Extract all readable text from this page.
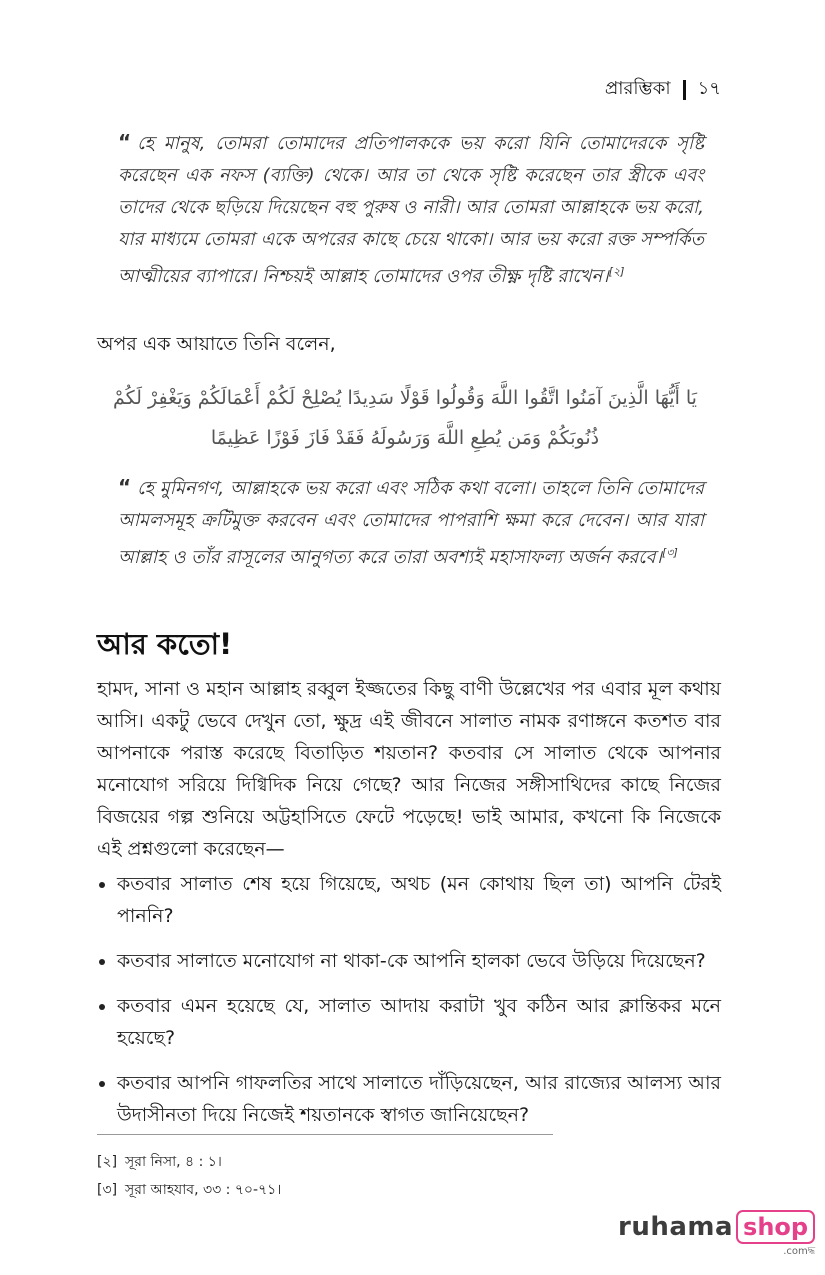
প্রারম্ভিকা ১৭
“ হে মানুষ, তোমরা তোমাদের প্রতিপালককে ভয় করো যিনি তোমাদেরকে সৃষ্টি করেছেন এক নফস (ব্যক্তি) থেকে। আর তা থেকে সৃষ্টি করেছেন তার স্ত্রীকে এবং তাদের থেকে ছড়িয়ে দিয়েছেন বহু পুরুষ ও নারী। আর তোমরা আল্লাহকে ভয় করো, যার মাধ্যমে তোমরা একে অপরের কাছে চেয়ে থাকো। আর ভয় করো রক্ত সম্পর্কিত আত্মীয়ের ব্যাপারে। নিশ্চয়ই আল্লাহ তোমাদের ওপর তীক্ষ্ণ দৃষ্টি রাখেন।[২]
অপর এক আয়াতে তিনি বলেন,
يَا أَيُّهَا الَّذِينَ آمَنُوا اتَّقُوا اللَّهَ وَقُولُوا قَوْلًا سَدِيدًا يُصْلِحْ لَكُمْ أَعْمَالَكُمْ وَيَغْفِرْ لَكُمْ
ذُنُوبَكُمْ وَمَن يُطِعِ اللَّهَ وَرَسُولَهُ فَقَدْ فَازَ فَوْزًا عَظِيمًا
“ হে মুমিনগণ, আল্লাহকে ভয় করো এবং সঠিক কথা বলো। তাহলে তিনি তোমাদের আমলসমূহ ক্রটিমুক্ত করবেন এবং তোমাদের পাপরাশি ক্ষমা করে দেবেন। আর যারা আল্লাহ ও তাঁর রাসূলের আনুগত্য করে তারা অবশ্যই মহাসাফল্য অর্জন করবে।[৩]
আর কতো!
হামদ, সানা ও মহান আল্লাহ রব্বুল ইজ্জতের কিছু বাণী উল্লেখের পর এবার মূল কথায় আসি। একটু ভেবে দেখুন তো, ক্ষুদ্র এই জীবনে সালাত নামক রণাঙ্গনে কতশত বার আপনাকে পরাস্ত করেছে বিতাড়িত শয়তান? কতবার সে সালাত থেকে আপনার মনোযোগ সরিয়ে দিগ্বিদিক নিয়ে গেছে? আর নিজের সঙ্গীসাথিদের কাছে নিজের বিজয়ের গল্প শুনিয়ে অট্টহাসিতে ফেটে পড়েছে! ভাই আমার, কখনো কি নিজেকে এই প্রশ্নগুলো করেছেন—
কতবার সালাত শেষ হয়ে গিয়েছে, অথচ (মন কোথায় ছিল তা) আপনি টেরই পাননি?
কতবার সালাতে মনোযোগ না থাকা-কে আপনি হালকা ভেবে উড়িয়ে দিয়েছেন?
কতবার এমন হয়েছে যে, সালাত আদায় করাটা খুব কঠিন আর ক্লান্তিকর মনে হয়েছে?
কতবার আপনি গাফলতির সাথে সালাতে দাঁড়িয়েছেন, আর রাজ্যের আলস্য আর উদাসীনতা দিয়ে নিজেই শয়তানকে স্বাগত জানিয়েছেন?
[২] সূরা নিসা, ৪ : ১।
[৩] সূরা আহযাব, ৩৩ : ৭০-৭১।
ruhama shop
.comদ্ধ
